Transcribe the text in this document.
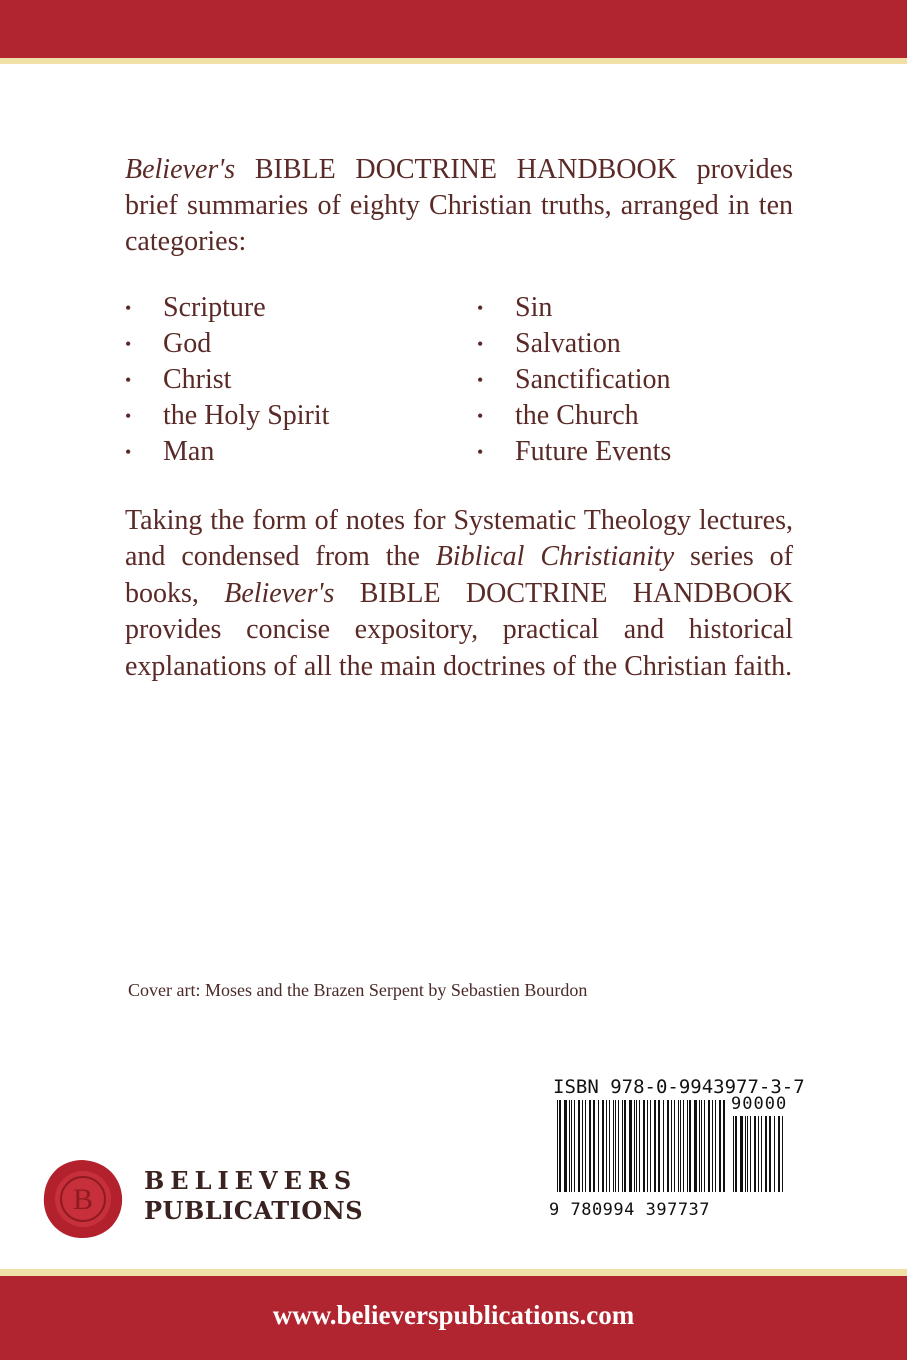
Believer's BIBLE DOCTRINE HANDBOOK provides brief summaries of eighty Christian truths, arranged in ten categories:

• Scripture
• God
• Christ
• the Holy Spirit
• Man
• Sin
• Salvation
• Sanctification
• the Church
• Future Events

Taking the form of notes for Systematic Theology lectures, and condensed from the Biblical Christianity series of books, Believer's BIBLE DOCTRINE HANDBOOK provides concise expository, practical and historical explanations of all the main doctrines of the Christian faith.

Cover art: Moses and the Brazen Serpent by Sebastien Bourdon

B
BELIEVERS
PUBLICATIONS
ISBN 978-0-9943977-3-7
90000
9 780994 397737

www.believerspublications.com
